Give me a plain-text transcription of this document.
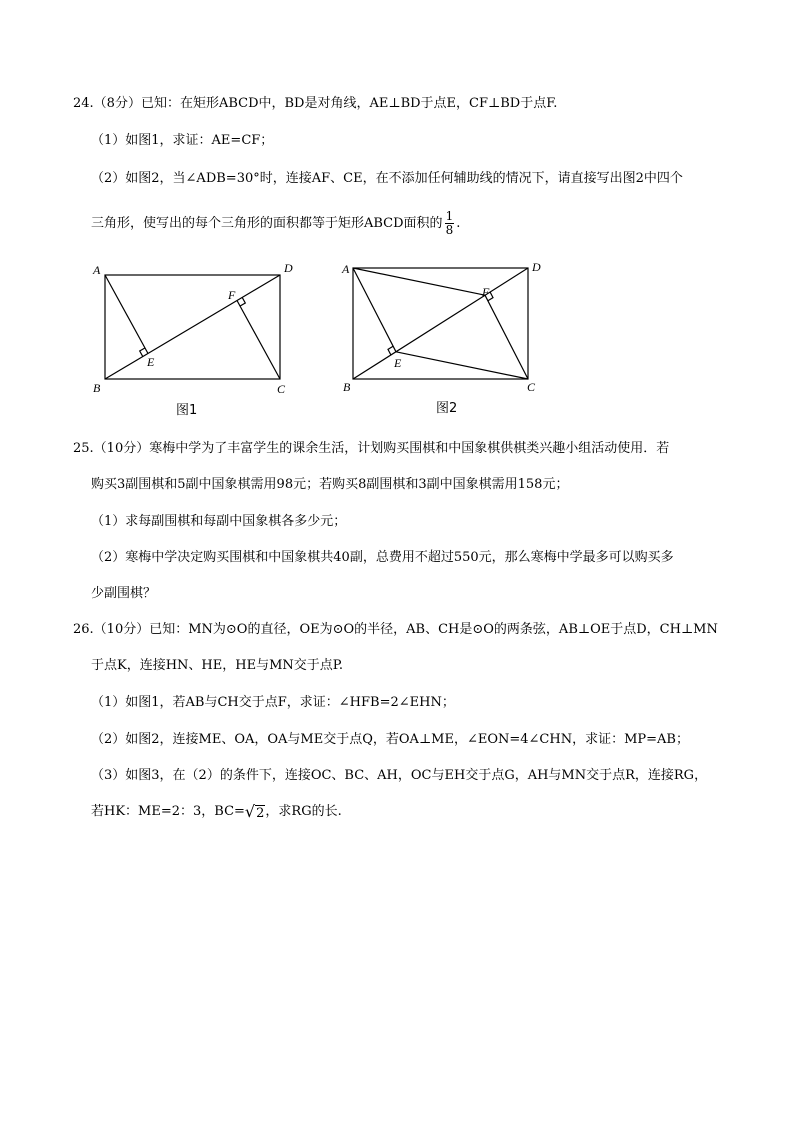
24.（8分）已知：在矩形ABCD中，BD是对角线，AE⊥BD于点E，CF⊥BD于点F.
（1）如图1，求证：AE=CF；
（2）如图2，当∠ADB=30°时，连接AF、CE，在不添加任何辅助线的情况下，请直接写出图2中四个
三角形，使写出的每个三角形的面积都等于矩形ABCD面积的 $\frac{1}{8}$ .
A	D
B	C
E
F
图1
A	D
B	C
E
F
图2
25.（10分）寒梅中学为了丰富学生的课余生活，计划购买围棋和中国象棋供棋类兴趣小组活动使用．若
购买3副围棋和5副中国象棋需用98元；若购买8副围棋和3副中国象棋需用158元；
（1）求每副围棋和每副中国象棋各多少元；
（2）寒梅中学决定购买围棋和中国象棋共40副，总费用不超过550元，那么寒梅中学最多可以购买多
少副围棋？
26.（10分）已知：MN为⊙O的直径，OE为⊙O的半径，AB、CH是⊙O的两条弦，AB⊥OE于点D，CH⊥MN
于点K，连接HN、HE，HE与MN交于点P.
（1）如图1，若AB与CH交于点F，求证：∠HFB=2∠EHN；
（2）如图2，连接ME、OA，OA与ME交于点Q，若OA⊥ME，∠EON=4∠CHN，求证：MP=AB；
（3）如图3，在（2）的条件下，连接OC、BC、AH，OC与EH交于点G，AH与MN交于点R，连接RG，
若HK：ME=2：3，BC=√2，求RG的长.
